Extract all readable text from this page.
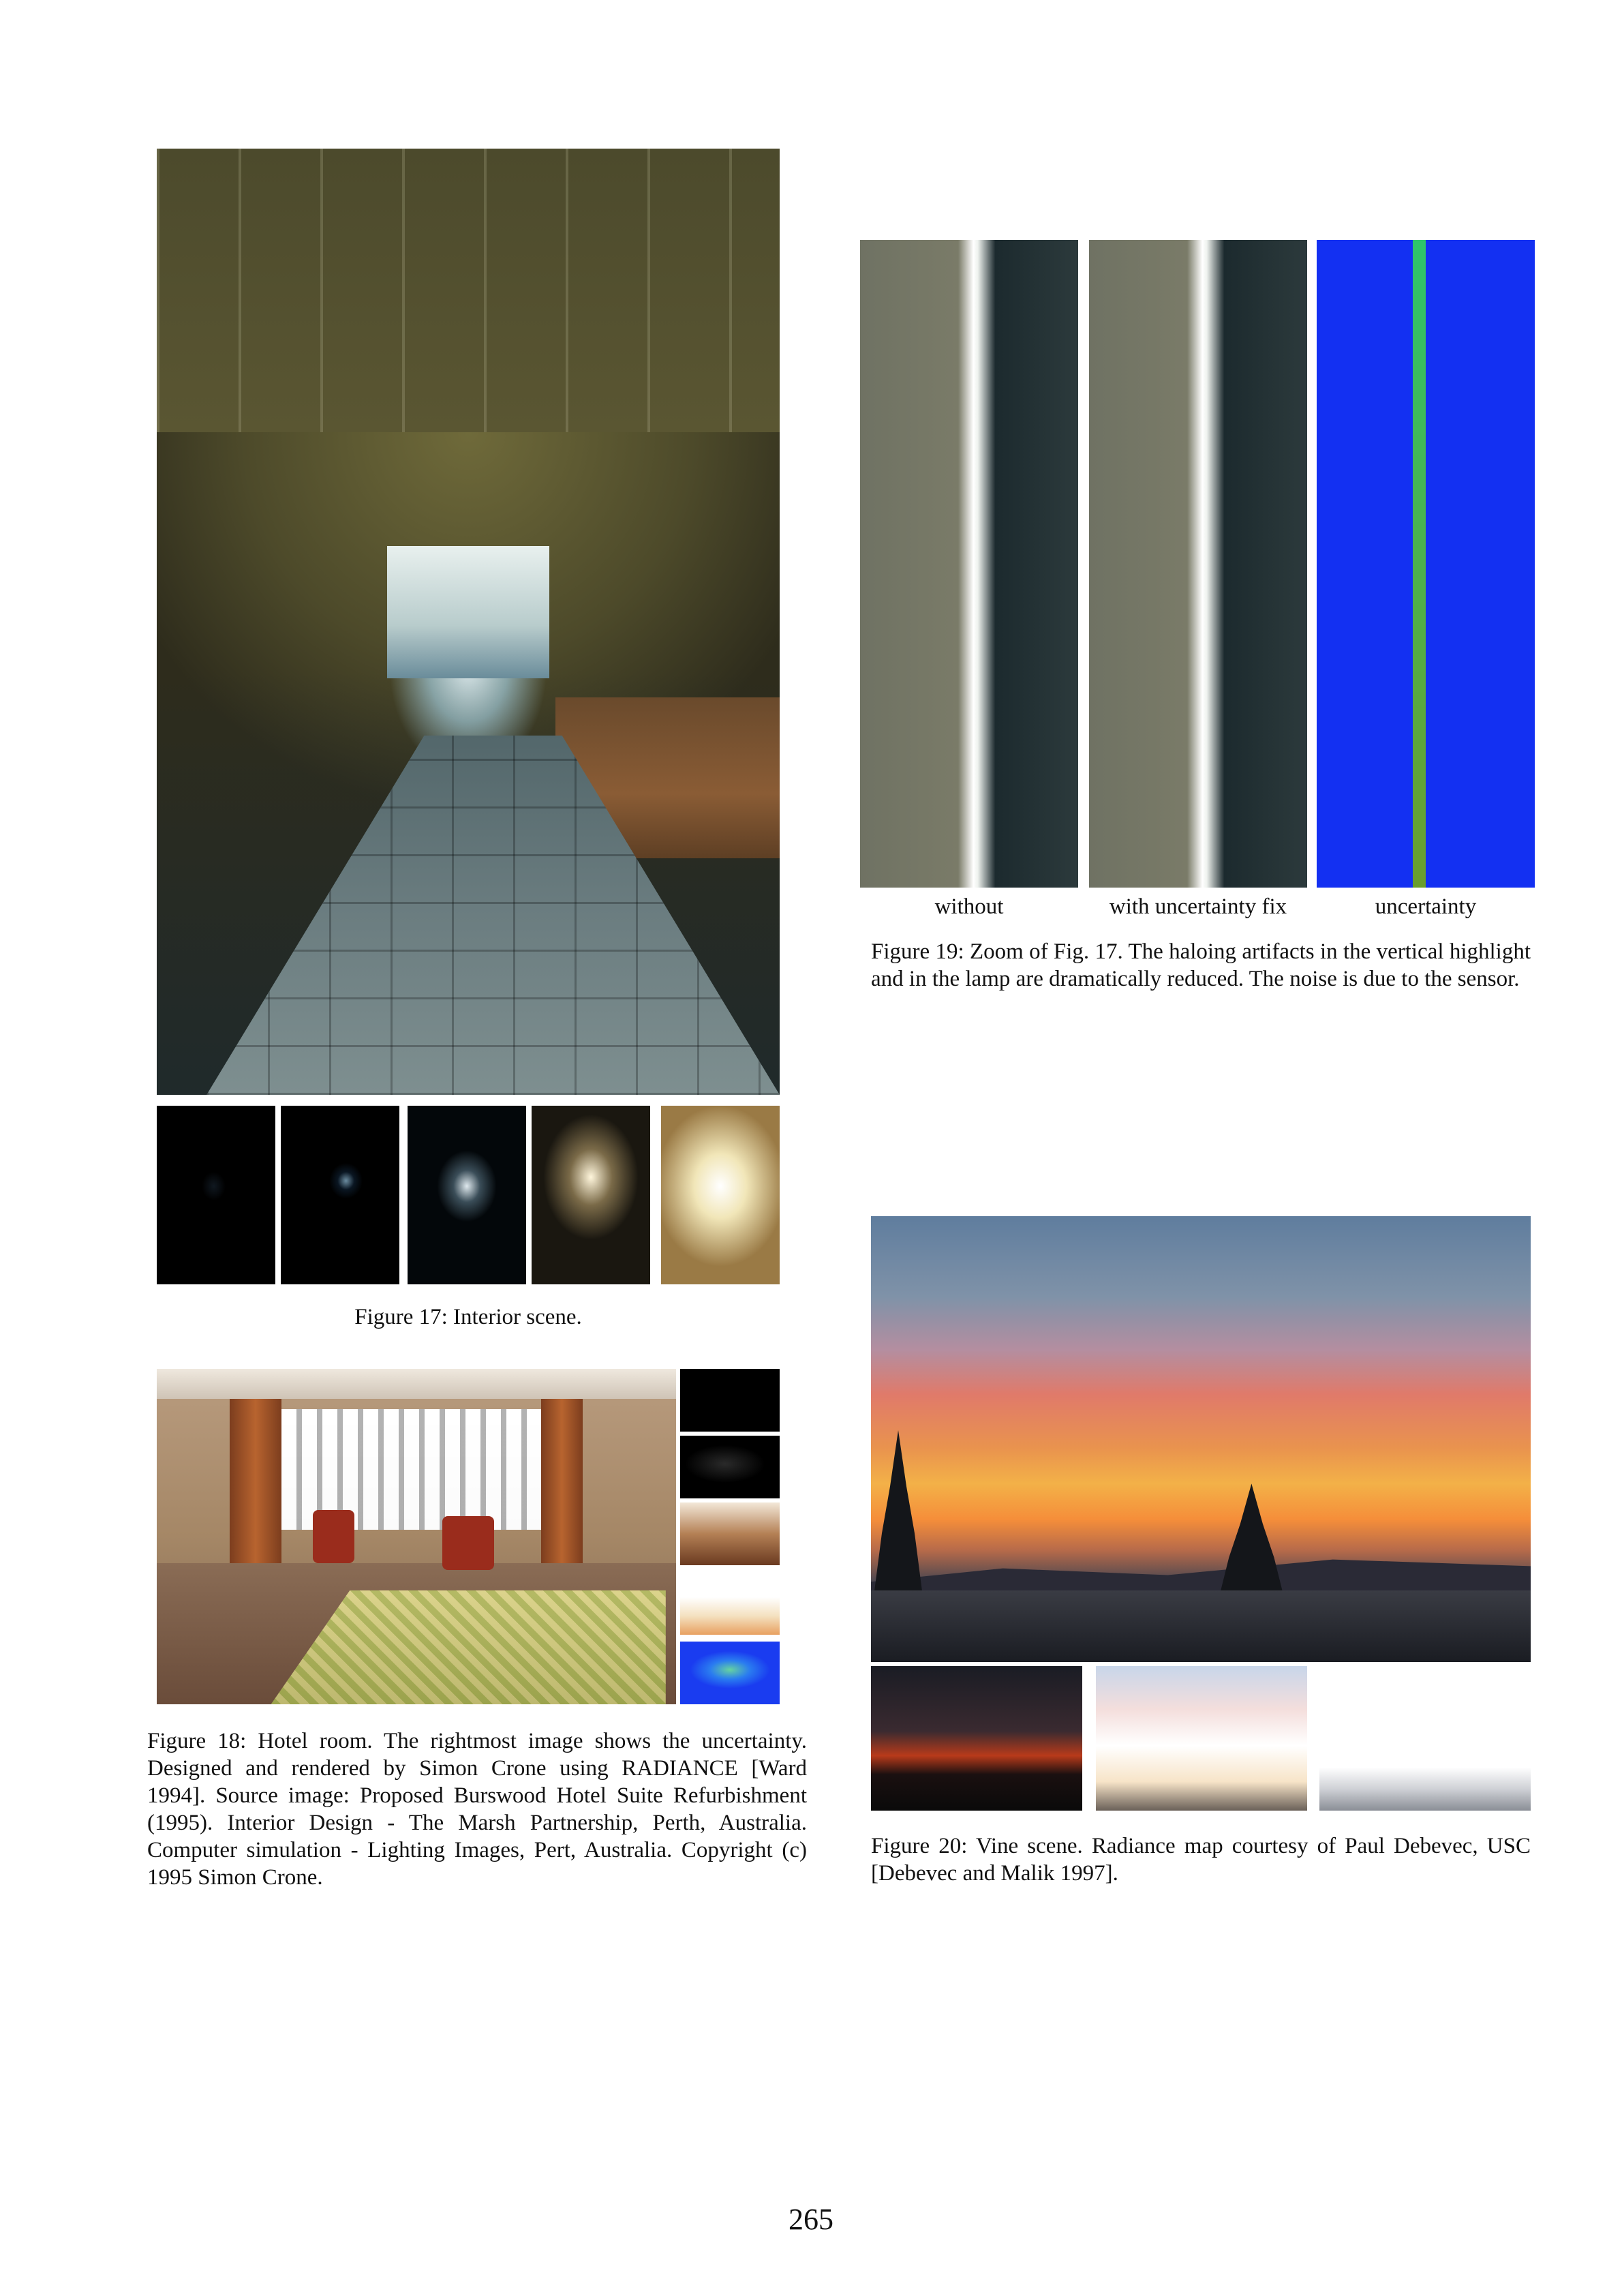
Figure 17: Interior scene.
Figure 18: Hotel room. The rightmost image shows the uncertainty. Designed and rendered by Simon Crone using RADIANCE [Ward 1994]. Source image: Proposed Burswood Hotel Suite Refurbishment (1995). Interior Design - The Marsh Partnership, Perth, Australia. Computer simulation - Lighting Images, Pert, Australia. Copyright (c) 1995 Simon Crone.
without	with uncertainty fix	uncertainty
Figure 19: Zoom of Fig. 17. The haloing artifacts in the vertical highlight and in the lamp are dramatically reduced. The noise is due to the sensor.
Figure 20: Vine scene. Radiance map courtesy of Paul Debevec, USC [Debevec and Malik 1997].
265
